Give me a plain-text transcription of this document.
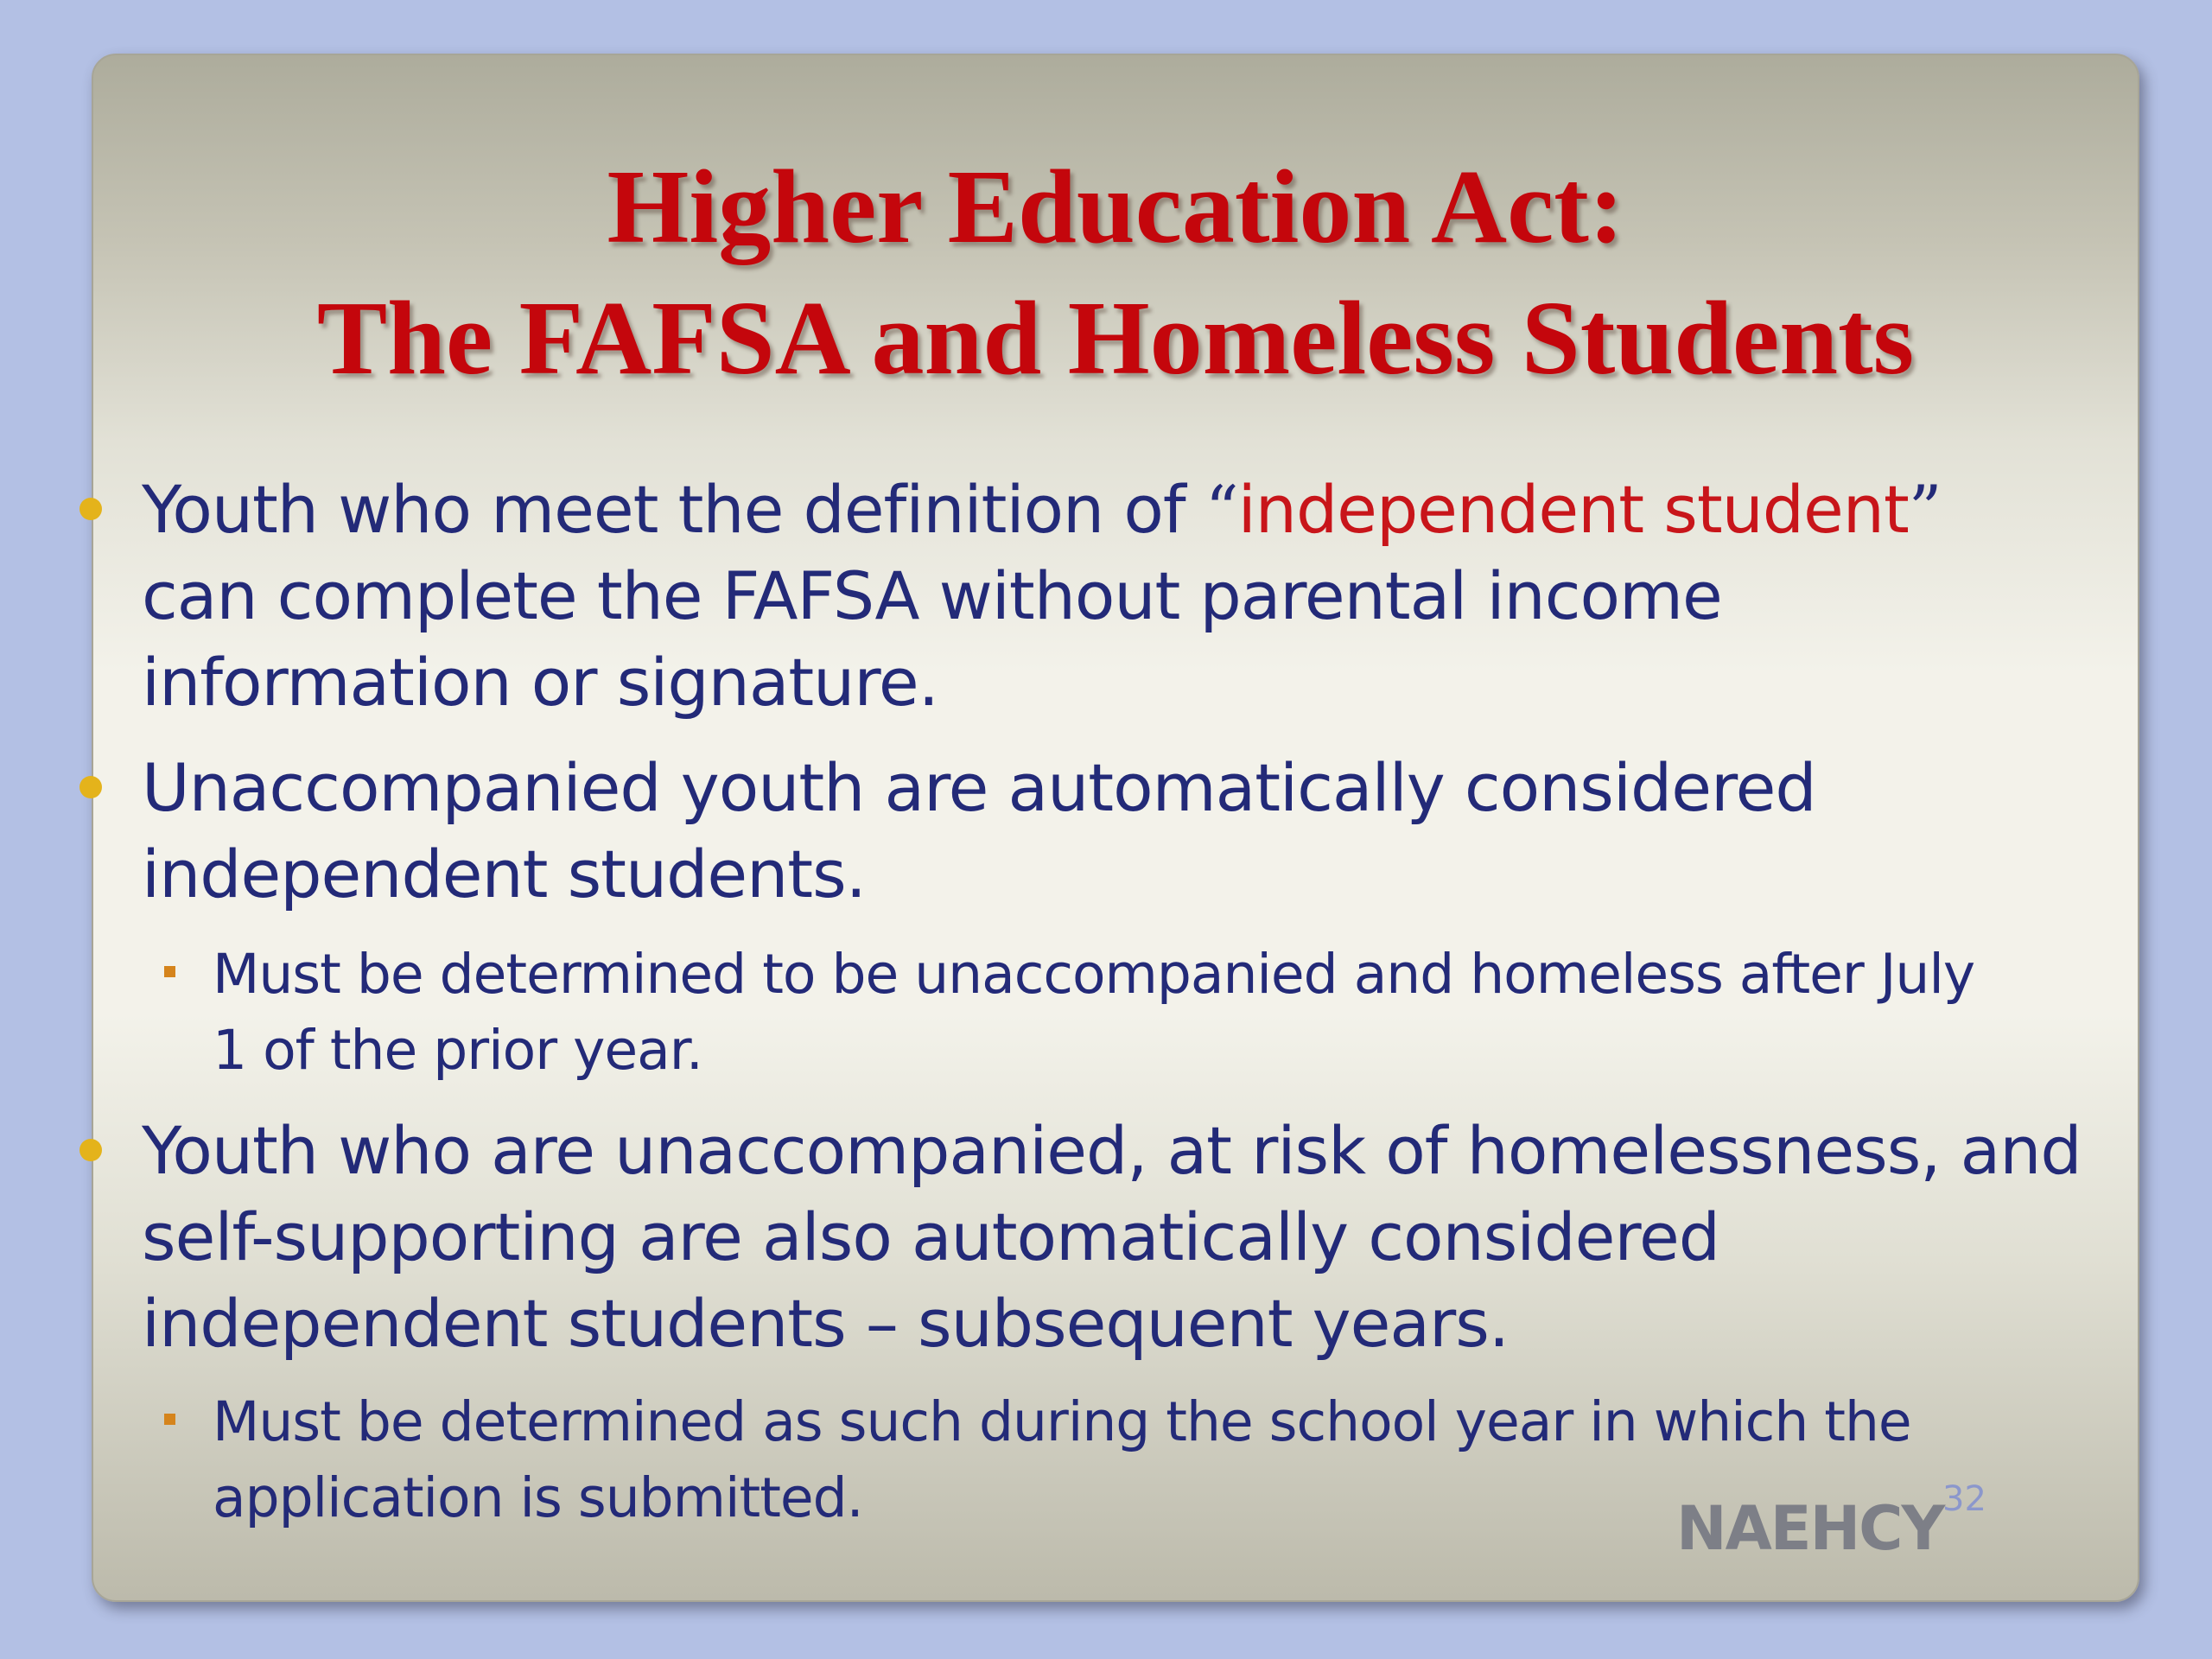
Higher Education Act:
The FAFSA and Homeless Students
Youth who meet the definition of “independent student” can complete the FAFSA without parental income information or signature.
Unaccompanied youth are automatically considered independent students.
Must be determined to be unaccompanied and homeless after July 1 of the prior year.
Youth who are unaccompanied, at risk of homelessness, and self-supporting are also automatically considered independent students – subsequent years.
Must be determined as such during the school year in which the application is submitted.	NAEHCY
32
